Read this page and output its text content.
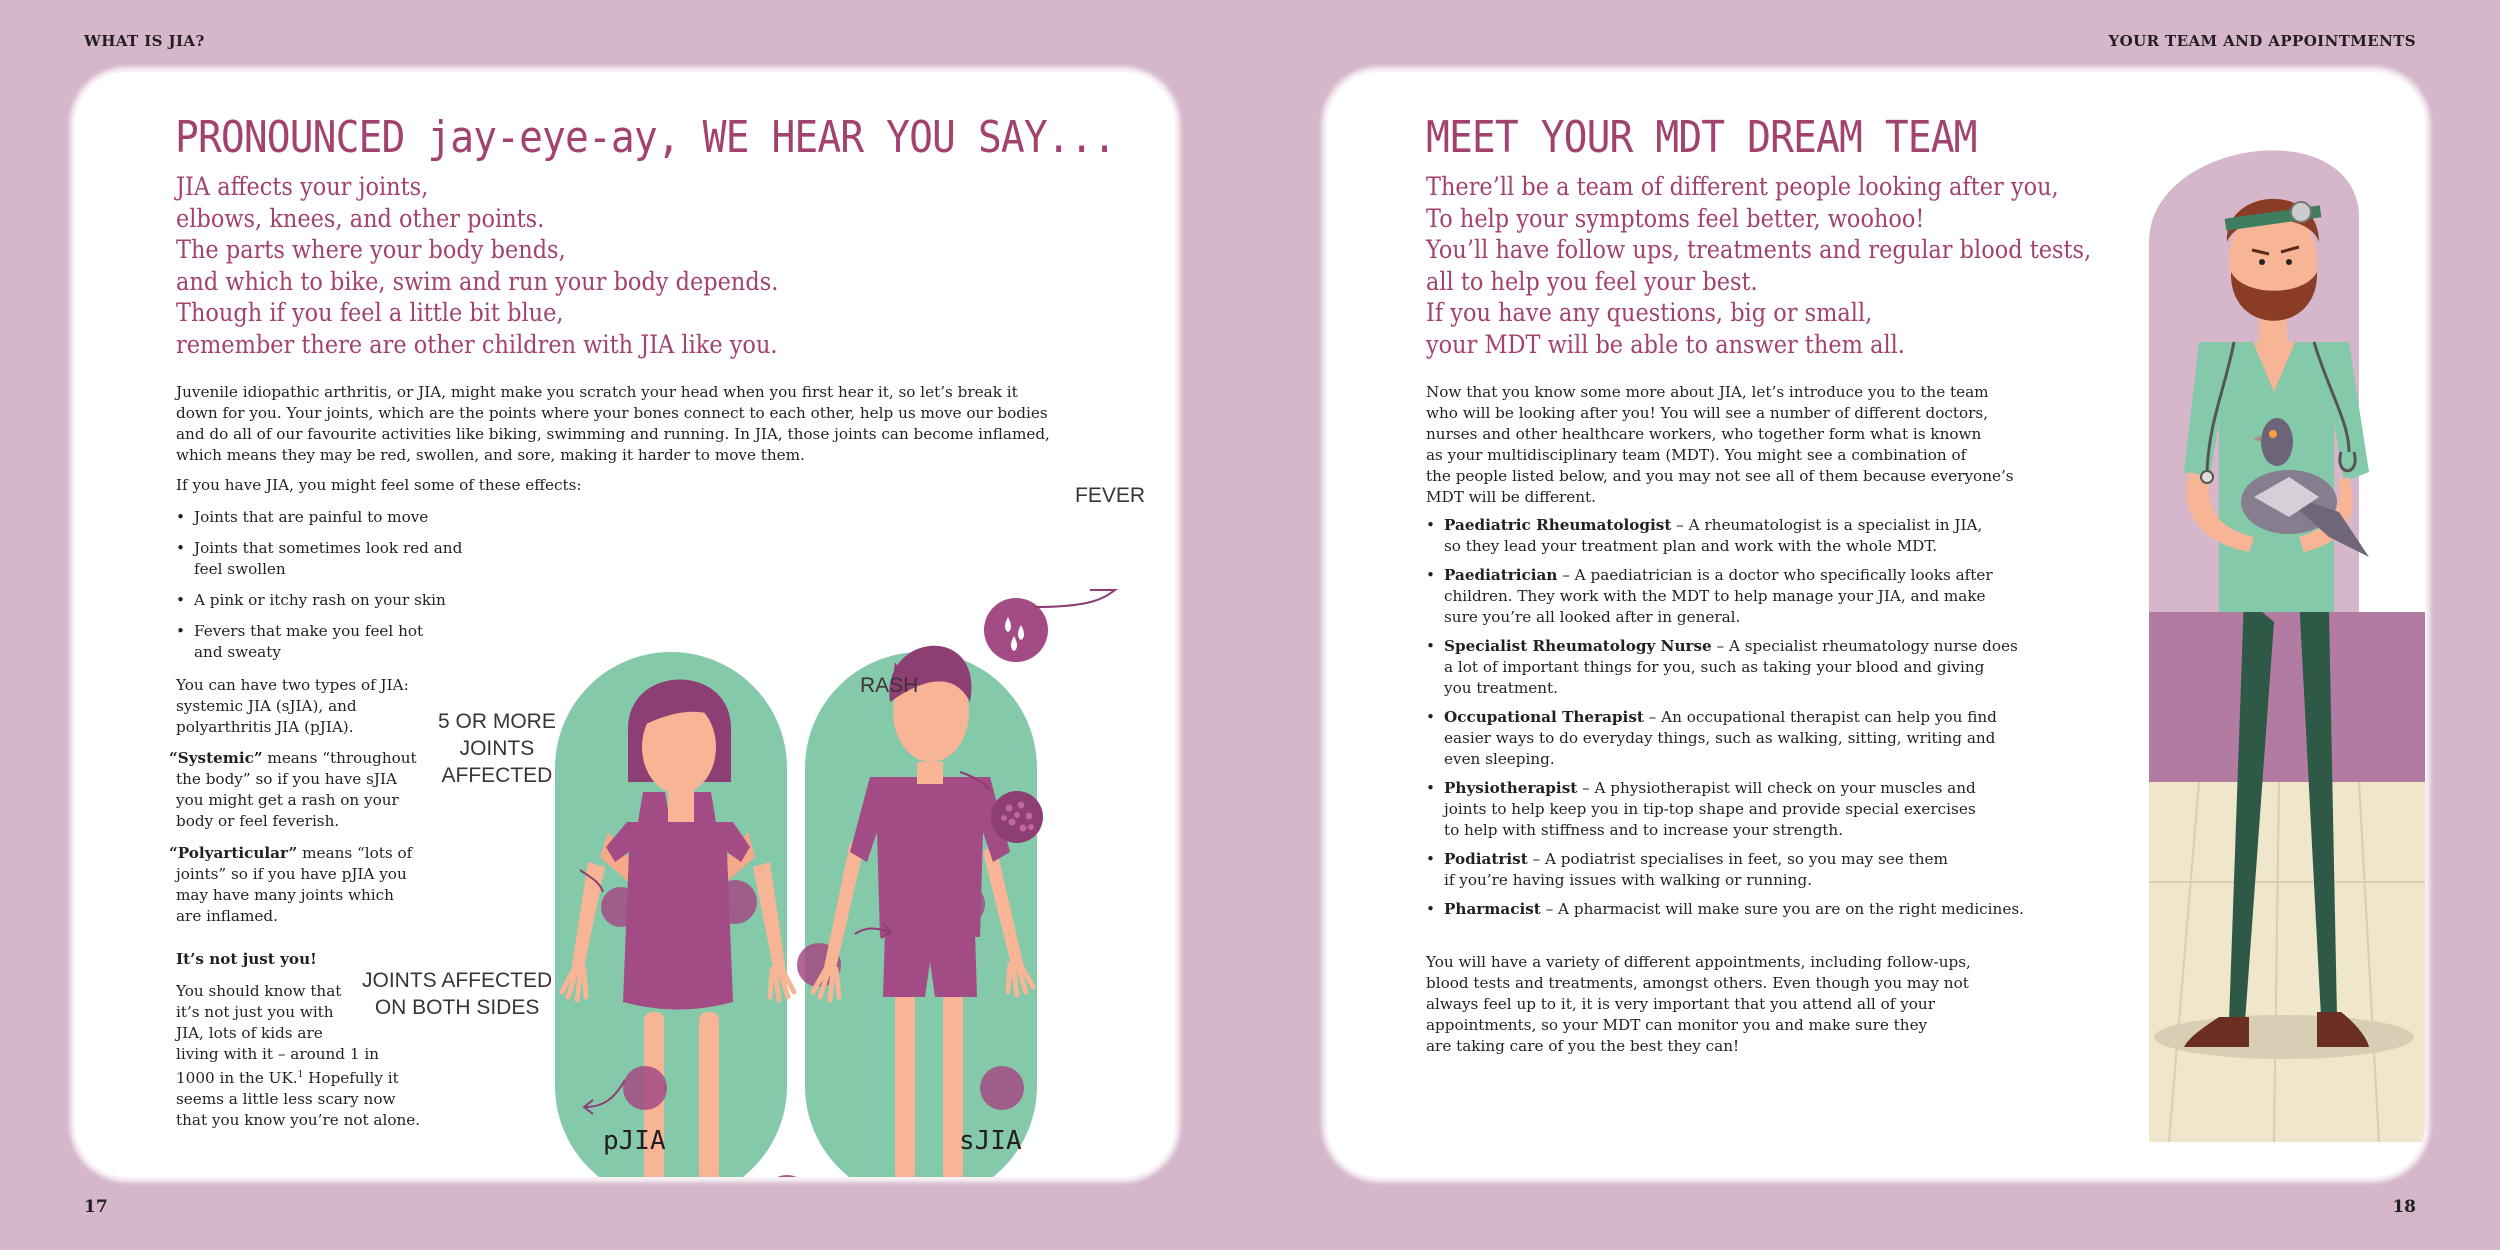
WHAT IS JIA?	YOUR TEAM AND APPOINTMENTS
17	18
PRONOUNCED jay-eye-ay, WE HEAR YOU SAY...
JIA affects your joints,
elbows, knees, and other points.
The parts where your body bends,
and which to bike, swim and run your body depends.
Though if you feel a little bit blue,
remember there are other children with JIA like you.
Juvenile idiopathic arthritis, or JIA, might make you scratch your head when you first hear it, so let’s break it
down for you. Your joints, which are the points where your bones connect to each other, help us move our bodies
and do all of our favourite activities like biking, swimming and running. In JIA, those joints can become inflamed,
which means they may be red, swollen, and sore, making it harder to move them.
If you have JIA, you might feel some of these effects:
• Joints that are painful to move
• Joints that sometimes look red and
feel swollen
• A pink or itchy rash on your skin
• Fevers that make you feel hot
and sweaty
You can have two types of JIA:
systemic JIA (sJIA), and
polyarthritis JIA (pJIA).
“Systemic” means “throughout
the body” so if you have sJIA
you might get a rash on your
body or feel feverish.
“Polyarticular” means “lots of
joints” so if you have pJIA you
may have many joints which
are inflamed.
It’s not just you!
You should know that
it’s not just you with
JIA, lots of kids are
living with it – around 1 in
1000 in the UK.$^1$ Hopefully it
seems a little less scary now
that you know you’re not alone.
FEVER
RASH
5 OR MORE
JOINTS
AFFECTED
JOINTS AFFECTED
ON BOTH SIDES
pJIA	sJIA
MEET YOUR MDT DREAM TEAM
There’ll be a team of different people looking after you,
To help your symptoms feel better, woohoo!
You’ll have follow ups, treatments and regular blood tests,
all to help you feel your best.
If you have any questions, big or small,
your MDT will be able to answer them all.
Now that you know some more about JIA, let’s introduce you to the team
who will be looking after you! You will see a number of different doctors,
nurses and other healthcare workers, who together form what is known
as your multidisciplinary team (MDT). You might see a combination of
the people listed below, and you may not see all of them because everyone’s
MDT will be different.
• Paediatric Rheumatologist – A rheumatologist is a specialist in JIA,
so they lead your treatment plan and work with the whole MDT.
• Paediatrician – A paediatrician is a doctor who specifically looks after
children. They work with the MDT to help manage your JIA, and make
sure you’re all looked after in general.
• Specialist Rheumatology Nurse – A specialist rheumatology nurse does
a lot of important things for you, such as taking your blood and giving
you treatment.
• Occupational Therapist – An occupational therapist can help you find
easier ways to do everyday things, such as walking, sitting, writing and
even sleeping.
• Physiotherapist – A physiotherapist will check on your muscles and
joints to help keep you in tip-top shape and provide special exercises
to help with stiffness and to increase your strength.
• Podiatrist – A podiatrist specialises in feet, so you may see them
if you’re having issues with walking or running.
• Pharmacist – A pharmacist will make sure you are on the right medicines.
You will have a variety of different appointments, including follow-ups,
blood tests and treatments, amongst others. Even though you may not
always feel up to it, it is very important that you attend all of your
appointments, so your MDT can monitor you and make sure they
are taking care of you the best they can!
